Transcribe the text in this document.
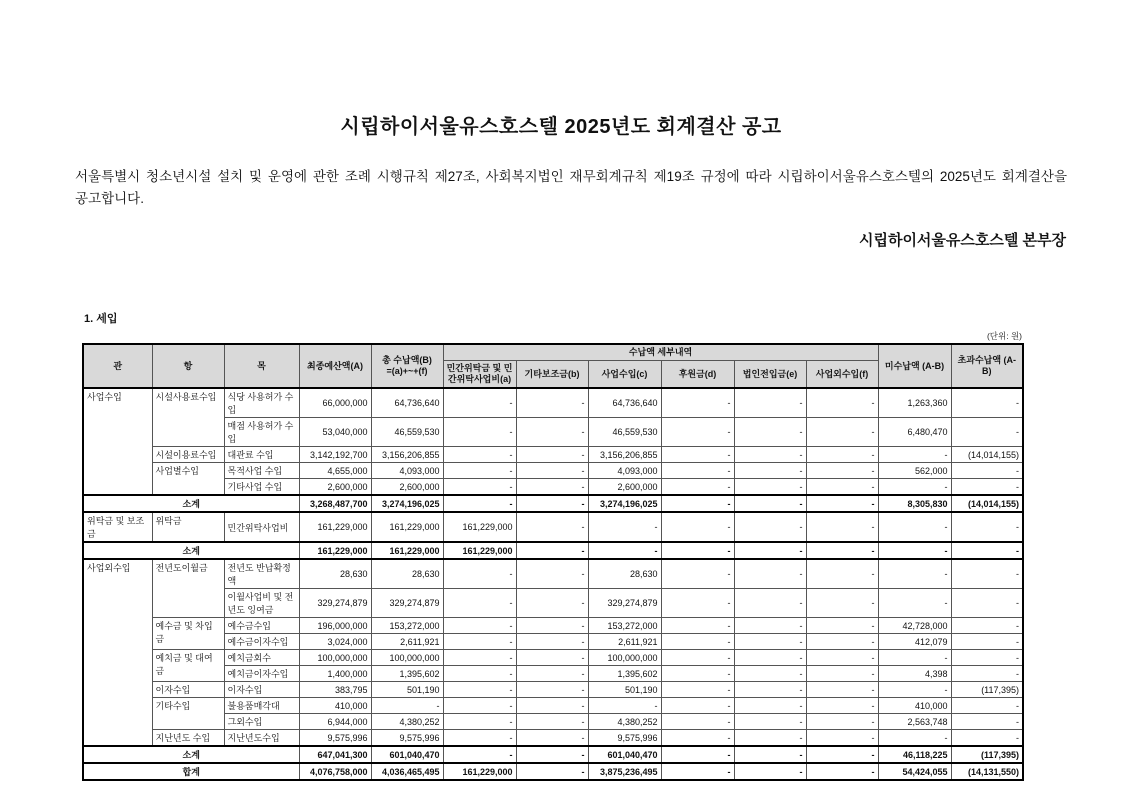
시립하이서울유스호스텔 2025년도 회계결산 공고
서울특별시 청소년시설 설치 및 운영에 관한 조례 시행규칙 제27조, 사회복지법인 재무회계규칙 제19조 규정에 따라 시립하이서울유스호스텔의 2025년도 회계결산을 공고합니다.
시립하이서울유스호스텔 본부장
1. 세입
(단위: 원)
관	항	목	최종예산액(A)	총 수납액(B)
=(a)+~+(f)	수납액 세부내역						미수납액 (A-B)	초과수납액 (A-B)
					민간위탁금 및 민간위탁사업비(a)	기타보조금(b)	사업수입(c)	후원금(d)	법인전입금(e)	사업외수입(f)		
사업수입	시설사용료수입	식당 사용허가 수입	66,000,000	64,736,640	-	-	64,736,640	-	-	-	1,263,360	-
		매점 사용허가 수입	53,040,000	46,559,530	-	-	46,559,530	-	-	-	6,480,470	-
	시설이용료수입	대관료 수입	3,142,192,700	3,156,206,855	-	-	3,156,206,855	-	-	-	-	(14,014,155)
	사업별수입	목적사업 수입	4,655,000	4,093,000	-	-	4,093,000	-	-	-	562,000	-
		기타사업 수입	2,600,000	2,600,000	-	-	2,600,000	-	-	-	-	-
소계			3,268,487,700	3,274,196,025	-	-	3,274,196,025	-	-	-	8,305,830	(14,014,155)
위탁금 및 보조금	위탁금	민간위탁사업비	161,229,000	161,229,000	161,229,000	-	-	-	-	-	-	-
소계			161,229,000	161,229,000	161,229,000	-	-	-	-	-	-	-
사업외수입	전년도이월금	전년도 반납확정액	28,630	28,630	-	-	28,630	-	-	-	-	-
		이월사업비 및 전년도 잉여금	329,274,879	329,274,879	-	-	329,274,879	-	-	-	-	-
	예수금 및 차입금	예수금수입	196,000,000	153,272,000	-	-	153,272,000	-	-	-	42,728,000	-
		예수금이자수입	3,024,000	2,611,921	-	-	2,611,921	-	-	-	412,079	-
	예치금 및 대여금	예치금회수	100,000,000	100,000,000	-	-	100,000,000	-	-	-	-	-
		예치금이자수입	1,400,000	1,395,602	-	-	1,395,602	-	-	-	4,398	-
	이자수입	이자수입	383,795	501,190	-	-	501,190	-	-	-	-	(117,395)
	기타수입	불용품매각대	410,000	-	-	-	-	-	-	-	410,000	-
		그외수입	6,944,000	4,380,252	-	-	4,380,252	-	-	-	2,563,748	-
	지난년도 수입	지난년도수입	9,575,996	9,575,996	-	-	9,575,996	-	-	-	-	-
소계			647,041,300	601,040,470	-	-	601,040,470	-	-	-	46,118,225	(117,395)
합계			4,076,758,000	4,036,465,495	161,229,000	-	3,875,236,495	-	-	-	54,424,055	(14,131,550)
